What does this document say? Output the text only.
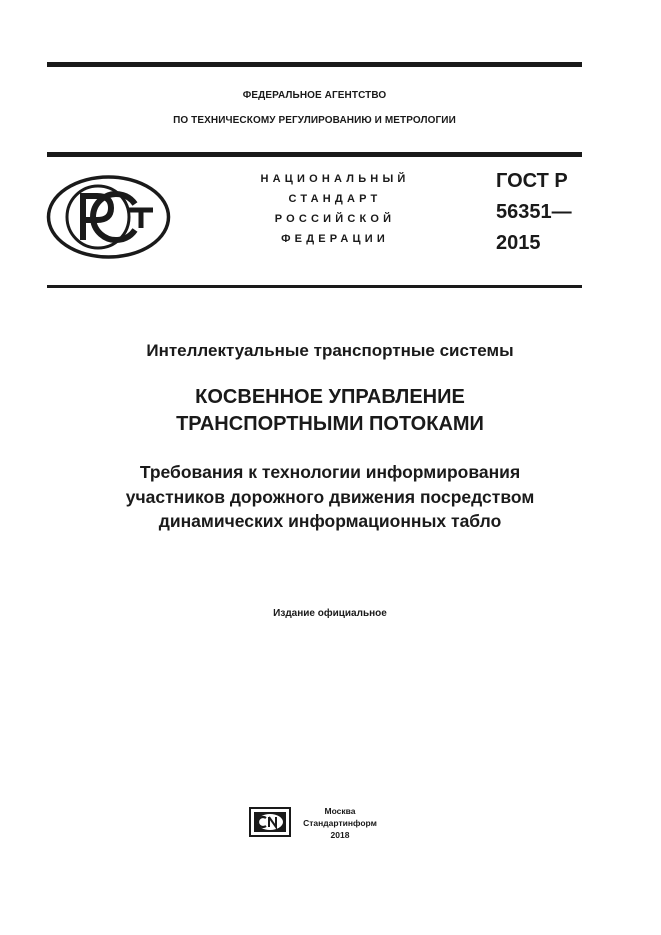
ФЕДЕРАЛЬНОЕ АГЕНТСТВО
ПО ТЕХНИЧЕСКОМУ РЕГУЛИРОВАНИЮ И МЕТРОЛОГИИ
НАЦИОНАЛЬНЫЙ
СТАНДАРТ
РОССИЙСКОЙ
ФЕДЕРАЦИИ
ГОСТ Р
56351—
2015
Интеллектуальные транспортные системы
КОСВЕННОЕ УПРАВЛЕНИЕ
ТРАНСПОРТНЫМИ ПОТОКАМИ
Требования к технологии информирования
участников дорожного движения посредством
динамических информационных табло
Издание официальное
Москва
Стандартинформ
2018
